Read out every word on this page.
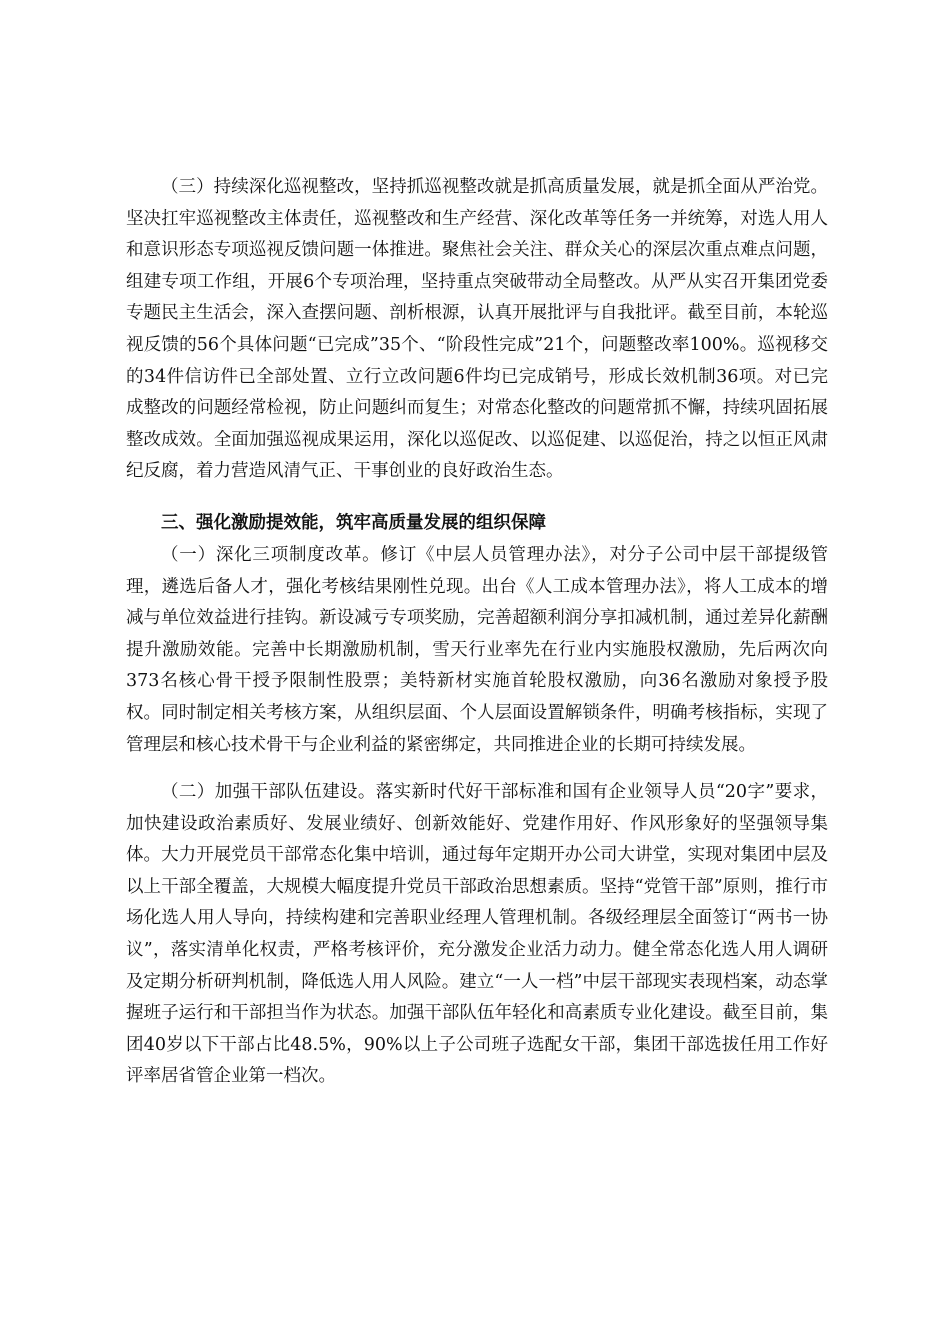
（三）持续深化巡视整改，坚持抓巡视整改就是抓高质量发展，就是抓全面从严治党。坚决扛牢巡视整改主体责任，巡视整改和生产经营、深化改革等任务一并统筹，对选人用人和意识形态专项巡视反馈问题一体推进。聚焦社会关注、群众关心的深层次重点难点问题，组建专项工作组，开展6个专项治理，坚持重点突破带动全局整改。从严从实召开集团党委专题民主生活会，深入查摆问题、剖析根源，认真开展批评与自我批评。截至目前，本轮巡视反馈的56个具体问题“已完成”35个、“阶段性完成”21个，问题整改率100%。巡视移交的34件信访件已全部处置、立行立改问题6件均已完成销号，形成长效机制36项。对已完成整改的问题经常检视，防止问题纠而复生；对常态化整改的问题常抓不懈，持续巩固拓展整改成效。全面加强巡视成果运用，深化以巡促改、以巡促建、以巡促治，持之以恒正风肃纪反腐，着力营造风清气正、干事创业的良好政治生态。

三、强化激励提效能，筑牢高质量发展的组织保障

（一）深化三项制度改革。修订《中层人员管理办法》，对分子公司中层干部提级管理，遴选后备人才，强化考核结果刚性兑现。出台《人工成本管理办法》，将人工成本的增减与单位效益进行挂钩。新设减亏专项奖励，完善超额利润分享扣减机制，通过差异化薪酬提升激励效能。完善中长期激励机制，雪天行业率先在行业内实施股权激励，先后两次向373名核心骨干授予限制性股票；美特新材实施首轮股权激励，向36名激励对象授予股权。同时制定相关考核方案，从组织层面、个人层面设置解锁条件，明确考核指标，实现了管理层和核心技术骨干与企业利益的紧密绑定，共同推进企业的长期可持续发展。

（二）加强干部队伍建设。落实新时代好干部标准和国有企业领导人员“20字”要求，加快建设政治素质好、发展业绩好、创新效能好、党建作用好、作风形象好的坚强领导集体。大力开展党员干部常态化集中培训，通过每年定期开办公司大讲堂，实现对集团中层及以上干部全覆盖，大规模大幅度提升党员干部政治思想素质。坚持“党管干部”原则，推行市场化选人用人导向，持续构建和完善职业经理人管理机制。各级经理层全面签订“两书一协议”，落实清单化权责，严格考核评价，充分激发企业活力动力。健全常态化选人用人调研及定期分析研判机制，降低选人用人风险。建立“一人一档”中层干部现实表现档案，动态掌握班子运行和干部担当作为状态。加强干部队伍年轻化和高素质专业化建设。截至目前，集团40岁以下干部占比48.5%，90%以上子公司班子选配女干部，集团干部选拔任用工作好评率居省管企业第一档次。
